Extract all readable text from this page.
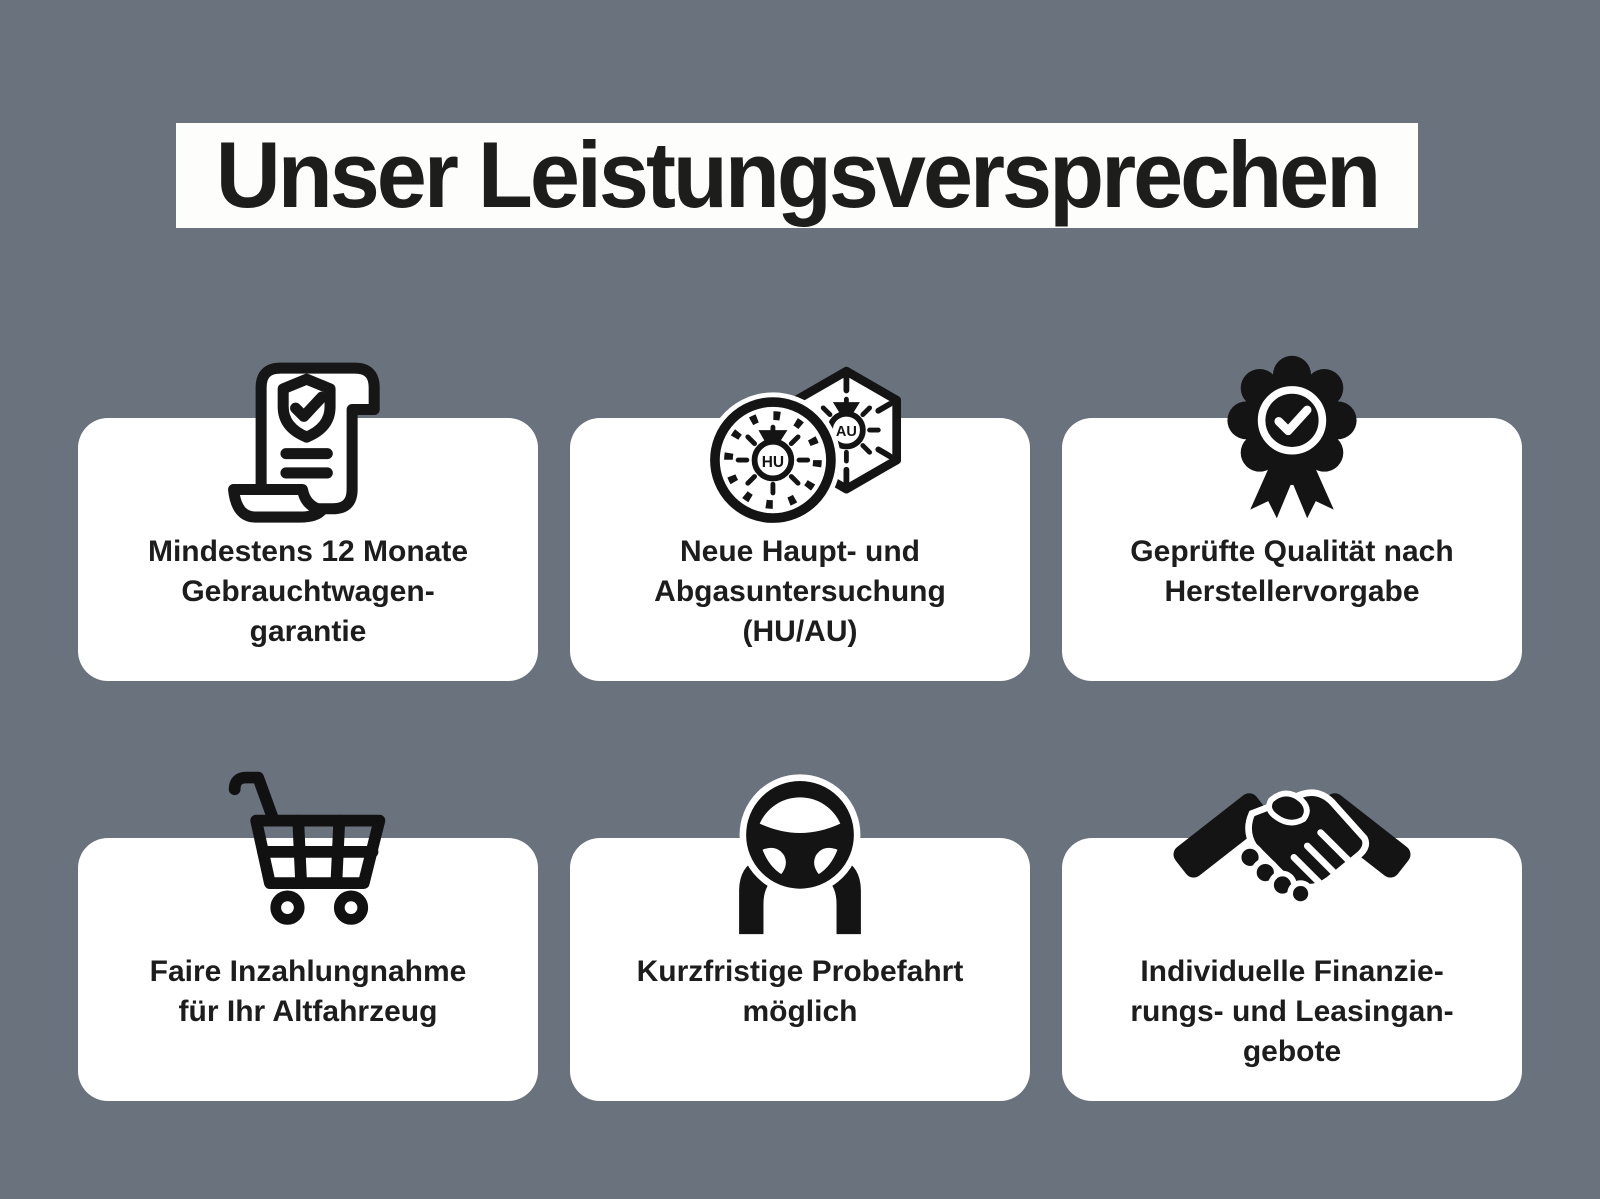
Unser Leistungsversprechen
Mindestens 12 Monate
Gebrauchtwagen-
garantie
AU
HU
Neue Haupt- und
Abgasuntersuchung
(HU/AU)
Geprüfte Qualität nach
Herstellervorgabe
Faire Inzahlungnahme
für Ihr Altfahrzeug
Kurzfristige Probefahrt
möglich
Individuelle Finanzie-
rungs- und Leasingan-
gebote
